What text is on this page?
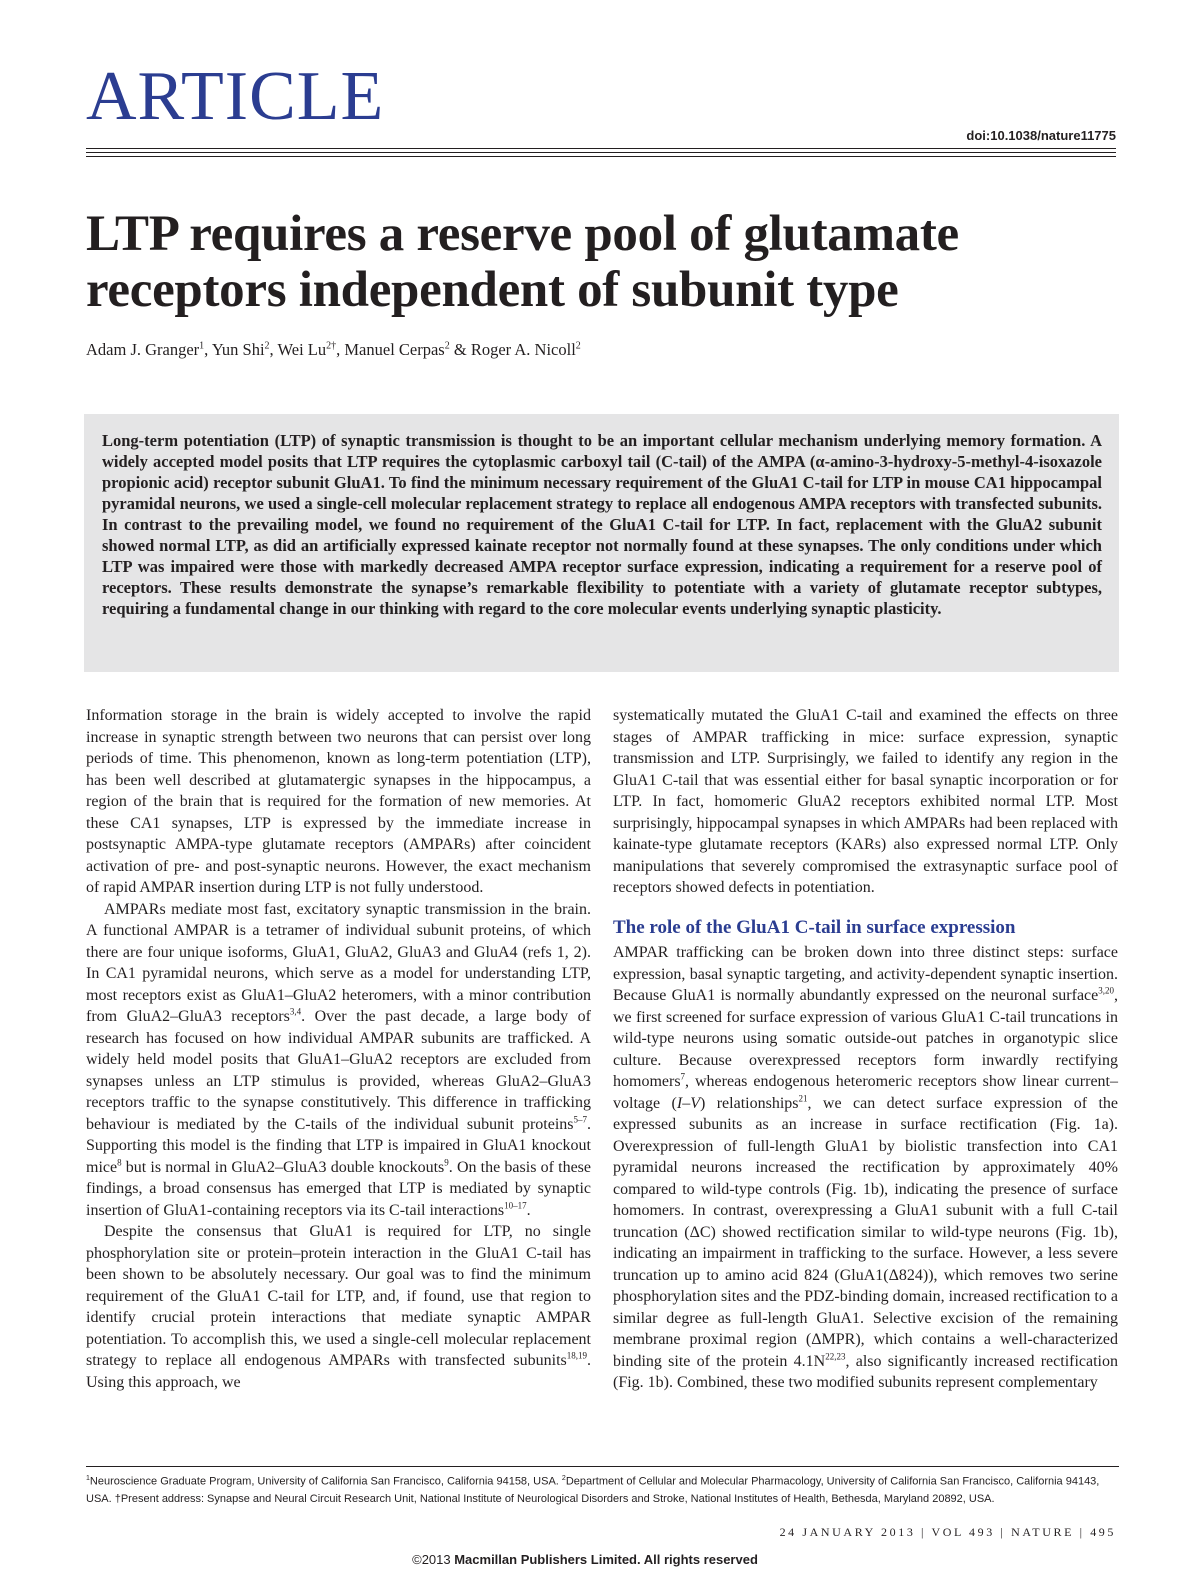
ARTICLE
doi:10.1038/nature11775
LTP requires a reserve pool of glutamate receptors independent of subunit type
Adam J. Granger$^1$, Yun Shi$^2$, Wei $Lu^{2\dagger}$, Manuel Cerpas$^2$ & Roger A. Nicoll$^2$

Long-term potentiation (LTP) of synaptic transmission is thought to be an important cellular mechanism underlying memory formation. A widely accepted model posits that LTP requires the cytoplasmic carboxyl tail (C-tail) of the AMPA (α-amino-3-hydroxy-5-methyl-4-isoxazole propionic acid) receptor subunit GluA1. To find the minimum necessary requirement of the GluA1 C-tail for LTP in mouse CA1 hippocampal pyramidal neurons, we used a single-cell molecular replacement strategy to replace all endogenous AMPA receptors with transfected subunits. In contrast to the prevailing model, we found no requirement of the GluA1 C-tail for LTP. In fact, replacement with the GluA2 subunit showed normal LTP, as did an artificially expressed kainate receptor not normally found at these synapses. The only conditions under which LTP was impaired were those with markedly decreased AMPA receptor surface expression, indicating a requirement for a reserve pool of receptors. These results demonstrate the synapse’s remarkable flexibility to potentiate with a variety of glutamate receptor subtypes, requiring a fundamental change in our thinking with regard to the core molecular events underlying synaptic plasticity.

Information storage in the brain is widely accepted to involve the rapid increase in synaptic strength between two neurons that can persist over long periods of time. This phenomenon, known as long-term potentiation (LTP), has been well described at glutamatergic synapses in the hippocampus, a region of the brain that is required for the formation of new memories. At these CA1 synapses, LTP is expressed by the immediate increase in postsynaptic AMPA-type glutamate receptors (AMPARs) after coincident activation of pre- and post-synaptic neurons. However, the exact mechanism of rapid AMPAR insertion during LTP is not fully understood.

AMPARs mediate most fast, excitatory synaptic transmission in the brain. A functional AMPAR is a tetramer of individual subunit proteins, of which there are four unique isoforms, GluA1, GluA2, GluA3 and GluA4 (refs 1, 2). In CA1 pyramidal neurons, which serve as a model for understanding LTP, most receptors exist as GluA1–GluA2 heteromers, with a minor contribution from GluA2–GluA3 receptors$^{3,4}$. Over the past decade, a large body of research has focused on how individual AMPAR subunits are trafficked. A widely held model posits that GluA1–GluA2 receptors are excluded from synapses unless an LTP stimulus is provided, whereas GluA2–GluA3 receptors traffic to the synapse constitutively. This difference in trafficking behaviour is mediated by the C-tails of the individual subunit proteins$^{5-7}$. Supporting this model is the finding that LTP is impaired in GluA1 knockout mice$^8$ but is normal in GluA2–GluA3 double knockouts$^9$. On the basis of these findings, a broad consensus has emerged that LTP is mediated by synaptic insertion of GluA1-containing receptors via its C-tail interactions$^{10-17}$.

Despite the consensus that GluA1 is required for LTP, no single phosphorylation site or protein–protein interaction in the GluA1 C-tail has been shown to be absolutely necessary. Our goal was to find the minimum requirement of the GluA1 C-tail for LTP, and, if found, use that region to identify crucial protein interactions that mediate synaptic AMPAR potentiation. To accomplish this, we used a single-cell molecular replacement strategy to replace all endogenous AMPARs with transfected subunits$^{18,19}$. Using this approach, we

systematically mutated the GluA1 C-tail and examined the effects on three stages of AMPAR trafficking in mice: surface expression, synaptic transmission and LTP. Surprisingly, we failed to identify any region in the GluA1 C-tail that was essential either for basal synaptic incorporation or for LTP. In fact, homomeric GluA2 receptors exhibited normal LTP. Most surprisingly, hippocampal synapses in which AMPARs had been replaced with kainate-type glutamate receptors (KARs) also expressed normal LTP. Only manipulations that severely compromised the extrasynaptic surface pool of receptors showed defects in potentiation.

The role of the GluA1 C-tail in surface expression

AMPAR trafficking can be broken down into three distinct steps: surface expression, basal synaptic targeting, and activity-dependent synaptic insertion. Because GluA1 is normally abundantly expressed on the neuronal surface$^{3,20}$, we first screened for surface expression of various GluA1 C-tail truncations in wild-type neurons using somatic outside-out patches in organotypic slice culture. Because overexpressed receptors form inwardly rectifying homomers$^7$, whereas endogenous heteromeric receptors show linear current–voltage (I–V) relationships$^{21}$, we can detect surface expression of the expressed subunits as an increase in surface rectification (Fig. 1a). Overexpression of full-length GluA1 by biolistic transfection into CA1 pyramidal neurons increased the rectification by approximately 40% compared to wild-type controls (Fig. 1b), indicating the presence of surface homomers. In contrast, overexpressing a GluA1 subunit with a full C-tail truncation (ΔC) showed rectification similar to wild-type neurons (Fig. 1b), indicating an impairment in trafficking to the surface. However, a less severe truncation up to amino acid 824 (GluA1(Δ824)), which removes two serine phosphorylation sites and the PDZ-binding domain, increased rectification to a similar degree as full-length GluA1. Selective excision of the remaining membrane proximal region (ΔMPR), which contains a well-characterized binding site of the protein $4.1N^{22,23}$, also significantly increased rectification (Fig. 1b). Combined, these two modified subunits represent complementary

$^1$Neuroscience Graduate Program, University of California San Francisco, California 94158, USA. $^2$Department of Cellular and Molecular Pharmacology, University of California San Francisco, California 94143, USA. †Present address: Synapse and Neural Circuit Research Unit, National Institute of Neurological Disorders and Stroke, National Institutes of Health, Bethesda, Maryland 20892, USA.

24 JANUARY 2013 | VOL 493 | NATURE | 495
©2013 Macmillan Publishers Limited. All rights reserved
